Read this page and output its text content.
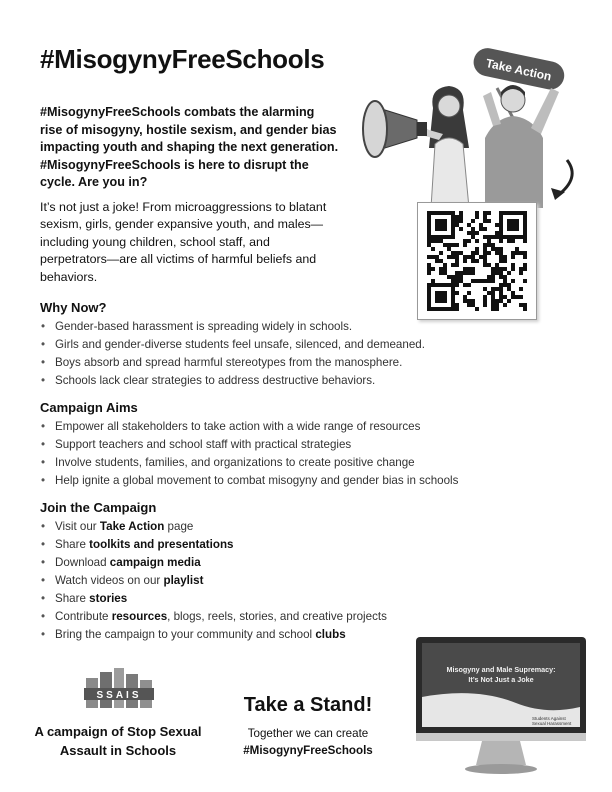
#MisogynyFreeSchools

#MisogynyFreeSchools combats the alarming rise of misogyny, hostile sexism, and gender bias impacting youth and shaping the next generation. #MisogynyFreeSchools is here to disrupt the cycle. Are you in?

It’s not just a joke! From microaggressions to blatant sexism, girls, gender expansive youth, and males—including young children, school staff, and perpetrators—are all victims of harmful beliefs and behaviors.

Take Action
Why Now?
• Gender-based harassment is spreading widely in schools.
• Girls and gender-diverse students feel unsafe, silenced, and demeaned.
• Boys absorb and spread harmful stereotypes from the manosphere.
• Schools lack clear strategies to address destructive behaviors.
Campaign Aims
• Empower all stakeholders to take action with a wide range of resources
• Support teachers and school staff with practical strategies
• Involve students, families, and organizations to create positive change
• Help ignite a global movement to combat misogyny and gender bias in schools
Join the Campaign
• Visit our Take Action page
• Share toolkits and presentations
• Download campaign media
• Watch videos on our playlist
• Share stories
• Contribute resources, blogs, reels, stories, and creative projects
• Bring the campaign to your community and school clubs
SSAIS
A campaign of Stop Sexual
Assault in Schools
Take a Stand!
Together we can create
#MisogynyFreeSchools
Misogyny and Male Supremacy:
It’s Not Just a Joke
Students Against
Sexual Harassment
